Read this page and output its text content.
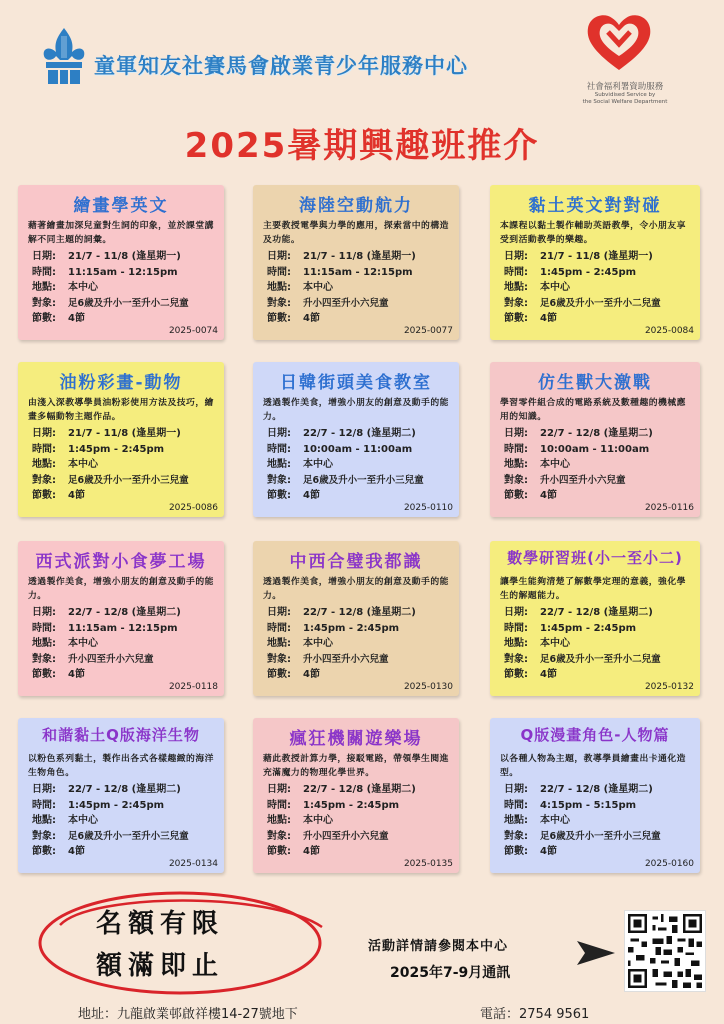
童軍知友社賽馬會啟業青少年服務中心
社會福利署資助服務
Subvidised Service by
the Social Welfare Department
2025暑期興趣班推介
繪畫學英文
藉著繪畫加深兒童對生詞的印象，並於課堂講解不同主題的詞彙。
日期:	21/7 - 11/8 (逢星期一)
時間:	11:15am - 12:15pm
地點:	本中心
對象:	足6歲及升小一至升小二兒童
節數:	4節
2025-0074
海陸空動航力
主要教授電學與力學的應用，探索當中的構造及功能。
日期:	21/7 - 11/8 (逢星期一)
時間:	11:15am - 12:15pm
地點:	本中心
對象:	升小四至升小六兒童
節數:	4節
2025-0077
黏土英文對對碰
本課程以黏土製作輔助英語教學，令小朋友享受到活動教學的樂趣。
日期:	21/7 - 11/8 (逢星期一)
時間:	1:45pm - 2:45pm
地點:	本中心
對象:	足6歲及升小一至升小二兒童
節數:	4節
2025-0084
油粉彩畫-動物
由淺入深教導學員油粉彩使用方法及技巧，繪畫多幅動物主題作品。
日期:	21/7 - 11/8 (逢星期一)
時間:	1:45pm - 2:45pm
地點:	本中心
對象:	足6歲及升小一至升小三兒童
節數:	4節
2025-0086
日韓街頭美食教室
透過製作美食，增強小朋友的創意及動手的能力。
日期:	22/7 - 12/8 (逢星期二)
時間:	10:00am - 11:00am
地點:	本中心
對象:	足6歲及升小一至升小三兒童
節數:	4節
2025-0110
仿生獸大激戰
學習零件組合成的電路系統及數種趣的機械應用的知識。
日期:	22/7 - 12/8 (逢星期二)
時間:	10:00am - 11:00am
地點:	本中心
對象:	升小四至升小六兒童
節數:	4節
2025-0116
西式派對小食夢工場
透過製作美食，增強小朋友的創意及動手的能力。
日期:	22/7 - 12/8 (逢星期二)
時間:	11:15am - 12:15pm
地點:	本中心
對象:	升小四至升小六兒童
節數:	4節
2025-0118
中西合璧我都識
透過製作美食，增強小朋友的創意及動手的能力。
日期:	22/7 - 12/8 (逢星期二)
時間:	1:45pm - 2:45pm
地點:	本中心
對象:	升小四至升小六兒童
節數:	4節
2025-0130
數學研習班(小一至小二)
讓學生能夠清楚了解數學定理的意義，強化學生的解題能力。
日期:	22/7 - 12/8 (逢星期二)
時間:	1:45pm - 2:45pm
地點:	本中心
對象:	足6歲及升小一至升小二兒童
節數:	4節
2025-0132
和諧黏土Q版海洋生物
以粉色系列黏土，製作出各式各樣趣緻的海洋生物角色。
日期:	22/7 - 12/8 (逢星期二)
時間:	1:45pm - 2:45pm
地點:	本中心
對象:	足6歲及升小一至升小三兒童
節數:	4節
2025-0134
瘋狂機關遊樂場
藉此教授計算力學，接駁電路，帶領學生閱進充滿魔力的物理化學世界。
日期:	22/7 - 12/8 (逢星期二)
時間:	1:45pm - 2:45pm
地點:	本中心
對象:	升小四至升小六兒童
節數:	4節
2025-0135
Q版漫畫角色-人物篇
以各種人物為主題，教導學員繪畫出卡通化造型。
日期:	22/7 - 12/8 (逢星期二)
時間:	4:15pm - 5:15pm
地點:	本中心
對象:	足6歲及升小一至升小三兒童
節數:	4節
2025-0160
名額有限
額滿即止
活動詳情請參閱本中心
2025年7-9月通訊
地址：九龍啟業邨啟祥樓14-27號地下	電話：2754 9561
